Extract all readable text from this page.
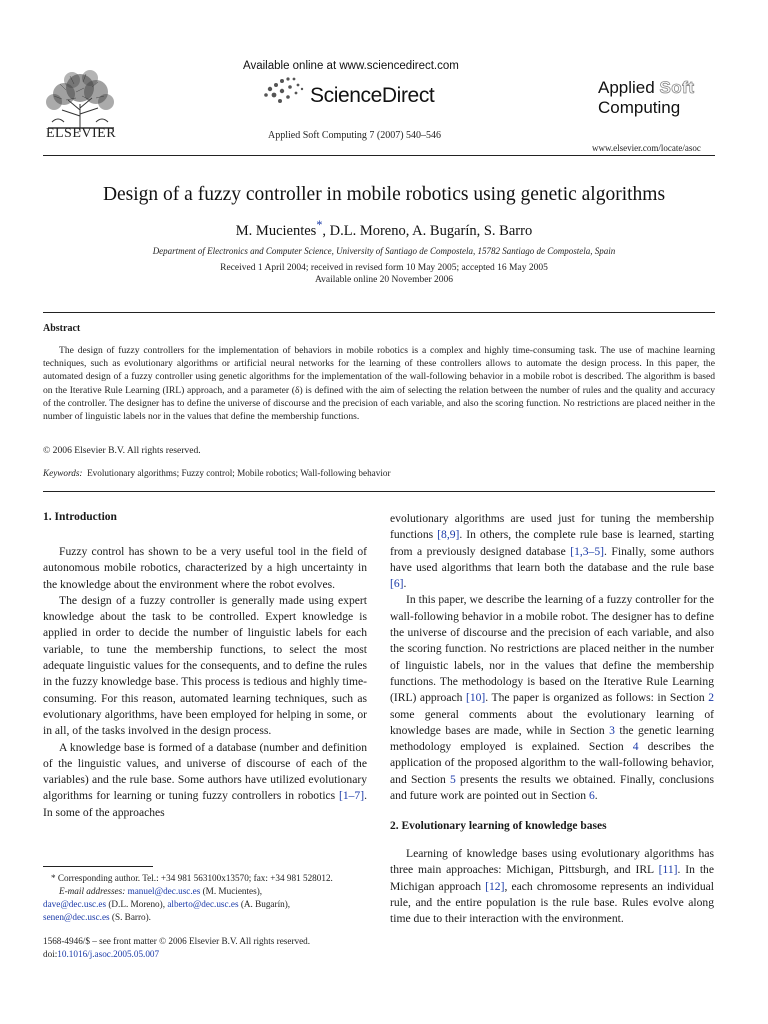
ELSEVIER
Available online at www.sciencedirect.com
ScienceDirect
Applied Soft Computing 7 (2007) 540–546
Applied Soft
Computing
www.elsevier.com/locate/asoc
Design of a fuzzy controller in mobile robotics using genetic algorithms
M. Mucientes*, D.L. Moreno, A. Bugarín, S. Barro
Department of Electronics and Computer Science, University of Santiago de Compostela, 15782 Santiago de Compostela, Spain
Received 1 April 2004; received in revised form 10 May 2005; accepted 16 May 2005
Available online 20 November 2006
Abstract

The design of fuzzy controllers for the implementation of behaviors in mobile robotics is a complex and highly time-consuming task. The use of machine learning techniques, such as evolutionary algorithms or artificial neural networks for the learning of these controllers allows to automate the design process. In this paper, the automated design of a fuzzy controller using genetic algorithms for the implementation of the wall-following behavior in a mobile robot is described. The algorithm is based on the Iterative Rule Learning (IRL) approach, and a parameter (δ) is defined with the aim of selecting the relation between the number of rules and the quality and accuracy of the controller. The designer has to define the universe of discourse and the precision of each variable, and also the scoring function. No restrictions are placed neither in the number of linguistic labels nor in the values that define the membership functions.

© 2006 Elsevier B.V. All rights reserved.
Keywords: Evolutionary algorithms; Fuzzy control; Mobile robotics; Wall-following behavior
1. Introduction

Fuzzy control has shown to be a very useful tool in the field of autonomous mobile robotics, characterized by a high uncertainty in the knowledge about the environment where the robot evolves.

The design of a fuzzy controller is generally made using expert knowledge about the task to be controlled. Expert knowledge is applied in order to decide the number of linguistic labels for each variable, to tune the membership functions, to select the most adequate linguistic values for the consequents, and to define the rules in the fuzzy knowledge base. This process is tedious and highly time-consuming. For this reason, automated learning techniques, such as evolutionary algorithms, have been employed for helping in some, or in all, of the tasks involved in the design process.

A knowledge base is formed of a database (number and definition of the linguistic values, and universe of discourse of each of the variables) and the rule base. Some authors have utilized evolutionary algorithms for learning or tuning fuzzy controllers in robotics [1–7]. In some of the approaches

evolutionary algorithms are used just for tuning the membership functions [8,9]. In others, the complete rule base is learned, starting from a previously designed database [1,3–5]. Finally, some authors have used algorithms that learn both the database and the rule base [6].

In this paper, we describe the learning of a fuzzy controller for the wall-following behavior in a mobile robot. The designer has to define the universe of discourse and the precision of each variable, and also the scoring function. No restrictions are placed neither in the number of linguistic labels, nor in the values that define the membership functions. The methodology is based on the Iterative Rule Learning (IRL) approach [10]. The paper is organized as follows: in Section 2 some general comments about the evolutionary learning of knowledge bases are made, while in Section 3 the genetic learning methodology employed is explained. Section 4 describes the application of the proposed algorithm to the wall-following behavior, and Section 5 presents the results we obtained. Finally, conclusions and future work are pointed out in Section 6.

2. Evolutionary learning of knowledge bases

Learning of knowledge bases using evolutionary algorithms has three main approaches: Michigan, Pittsburgh, and IRL [11]. In the Michigan approach [12], each chromosome represents an individual rule, and the entire population is the rule base. Rules evolve along time due to their interaction with the environment.

* Corresponding author. Tel.: +34 981 563100x13570; fax: +34 981 528012.
E-mail addresses: manuel@dec.usc.es (M. Mucientes),
dave@dec.usc.es (D.L. Moreno), alberto@dec.usc.es (A. Bugarín),
senen@dec.usc.es (S. Barro).
1568-4946/$ – see front matter © 2006 Elsevier B.V. All rights reserved.
doi:10.1016/j.asoc.2005.05.007
